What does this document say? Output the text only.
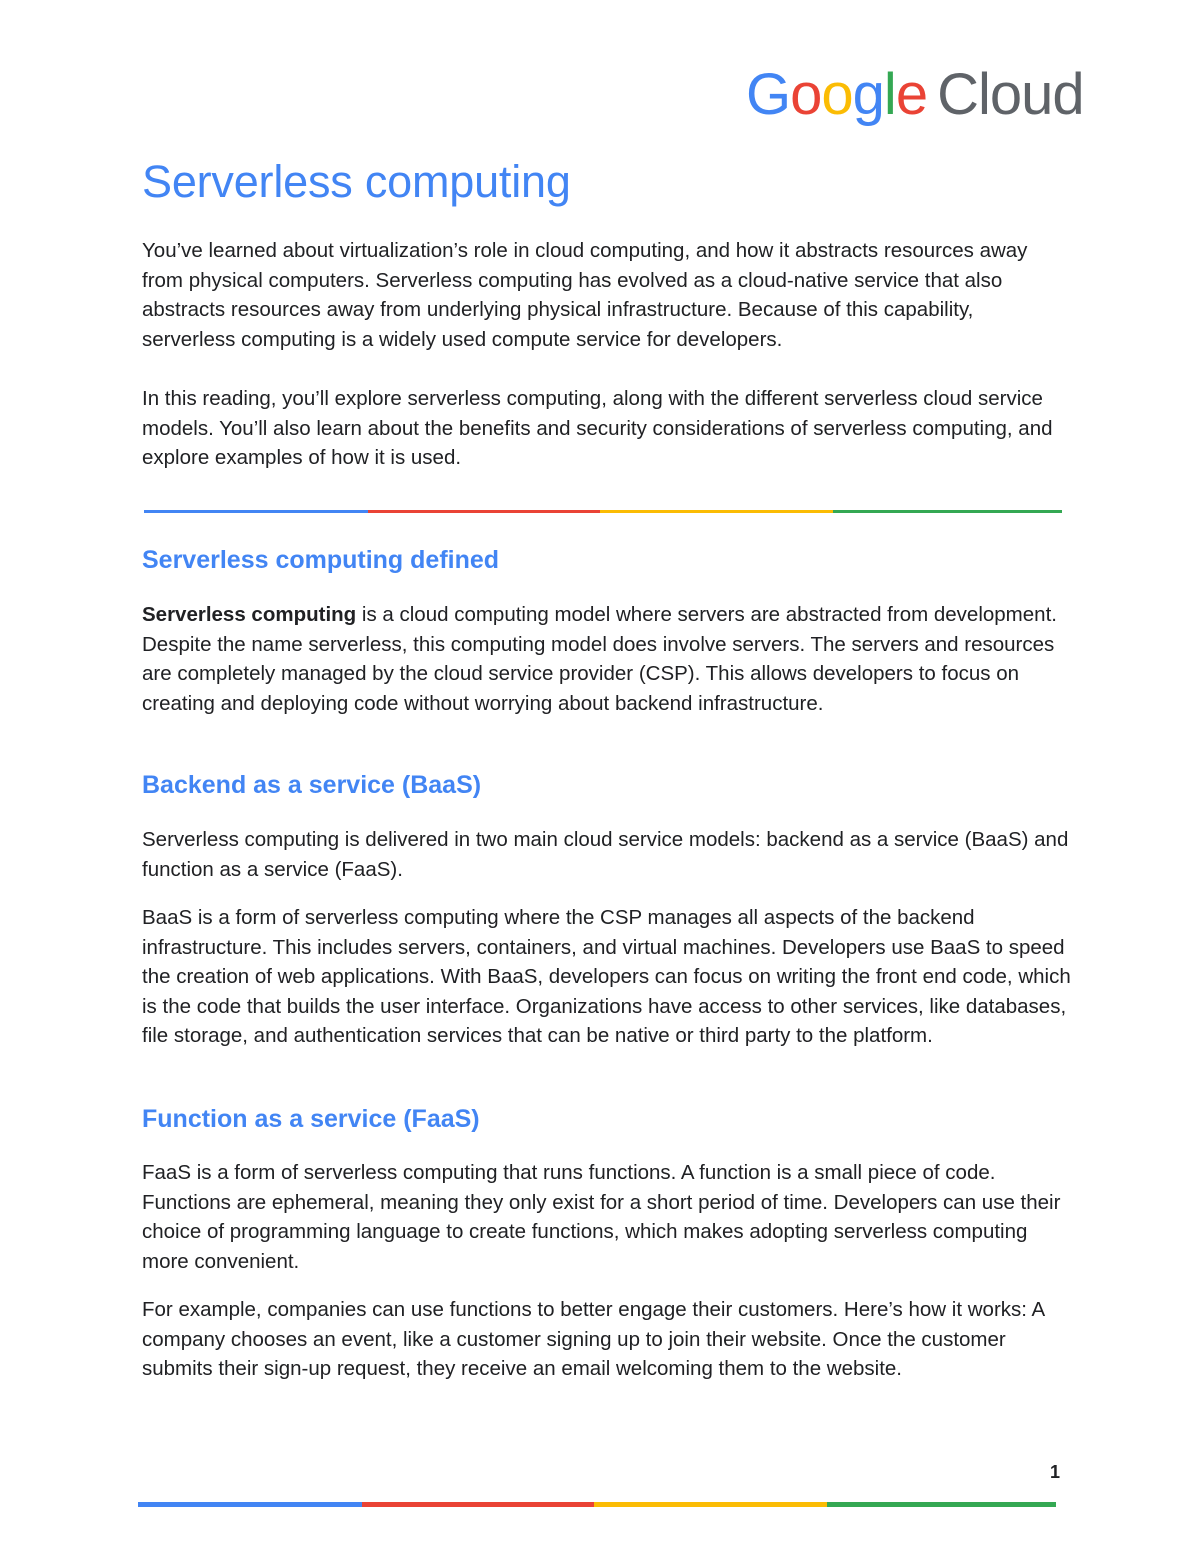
Google Cloud
Serverless computing

You’ve learned about virtualization’s role in cloud computing, and how it abstracts resources away from physical computers. Serverless computing has evolved as a cloud-native service that also abstracts resources away from underlying physical infrastructure. Because of this capability, serverless computing is a widely used compute service for developers.

In this reading, you’ll explore serverless computing, along with the different serverless cloud service models. You’ll also learn about the benefits and security considerations of serverless computing, and explore examples of how it is used.

Serverless computing defined

Serverless computing is a cloud computing model where servers are abstracted from development. Despite the name serverless, this computing model does involve servers. The servers and resources are completely managed by the cloud service provider (CSP). This allows developers to focus on creating and deploying code without worrying about backend infrastructure.

Backend as a service (BaaS)

Serverless computing is delivered in two main cloud service models: backend as a service (BaaS) and function as a service (FaaS).

BaaS is a form of serverless computing where the CSP manages all aspects of the backend infrastructure. This includes servers, containers, and virtual machines. Developers use BaaS to speed the creation of web applications. With BaaS, developers can focus on writing the front end code, which is the code that builds the user interface. Organizations have access to other services, like databases, file storage, and authentication services that can be native or third party to the platform.

Function as a service (FaaS)

FaaS is a form of serverless computing that runs functions. A function is a small piece of code. Functions are ephemeral, meaning they only exist for a short period of time. Developers can use their choice of programming language to create functions, which makes adopting serverless computing more convenient.

For example, companies can use functions to better engage their customers. Here’s how it works: A company chooses an event, like a customer signing up to join their website. Once the customer submits their sign-up request, they receive an email welcoming them to the website.

1
